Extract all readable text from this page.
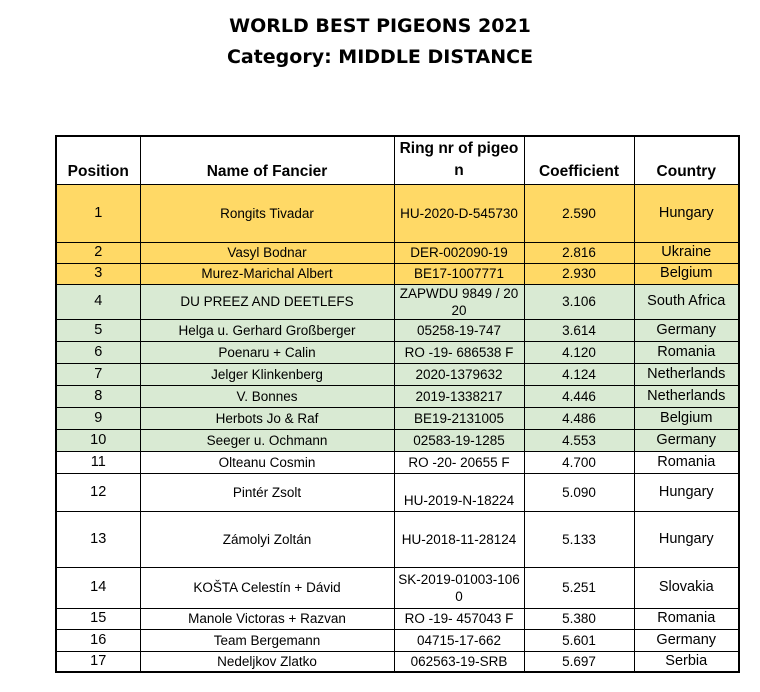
WORLD BEST PIGEONS 2021
Category: MIDDLE DISTANCE
Position	Name of Fancier	Ring nr of pigeon	Coefficient	Country
1	Rongits Tivadar	HU-2020-D-545730	2.590	Hungary
2	Vasyl Bodnar	DER-002090-19	2.816	Ukraine
3	Murez-Marichal Albert	BE17-1007771	2.930	Belgium
4	DU PREEZ AND DEETLEFS	ZAPWDU 9849 / 2020	3.106	South Africa
5	Helga u. Gerhard Großberger	05258-19-747	3.614	Germany
6	Poenaru + Calin	RO -19- 686538 F	4.120	Romania
7	Jelger Klinkenberg	2020-1379632	4.124	Netherlands
8	V. Bonnes	2019-1338217	4.446	Netherlands
9	Herbots Jo & Raf	BE19-2131005	4.486	Belgium
10	Seeger u. Ochmann	02583-19-1285	4.553	Germany
11	Olteanu Cosmin	RO -20- 20655 F	4.700	Romania
12	Pintér Zsolt	HU-2019-N-18224	5.090	Hungary
13	Zámolyi Zoltán	HU-2018-11-28124	5.133	Hungary
14	KOŠTA Celestín + Dávid	SK-2019-01003-1060	5.251	Slovakia
15	Manole Victoras + Razvan	RO -19- 457043 F	5.380	Romania
16	Team Bergemann	04715-17-662	5.601	Germany
17	Nedeljkov Zlatko	062563-19-SRB	5.697	Serbia
